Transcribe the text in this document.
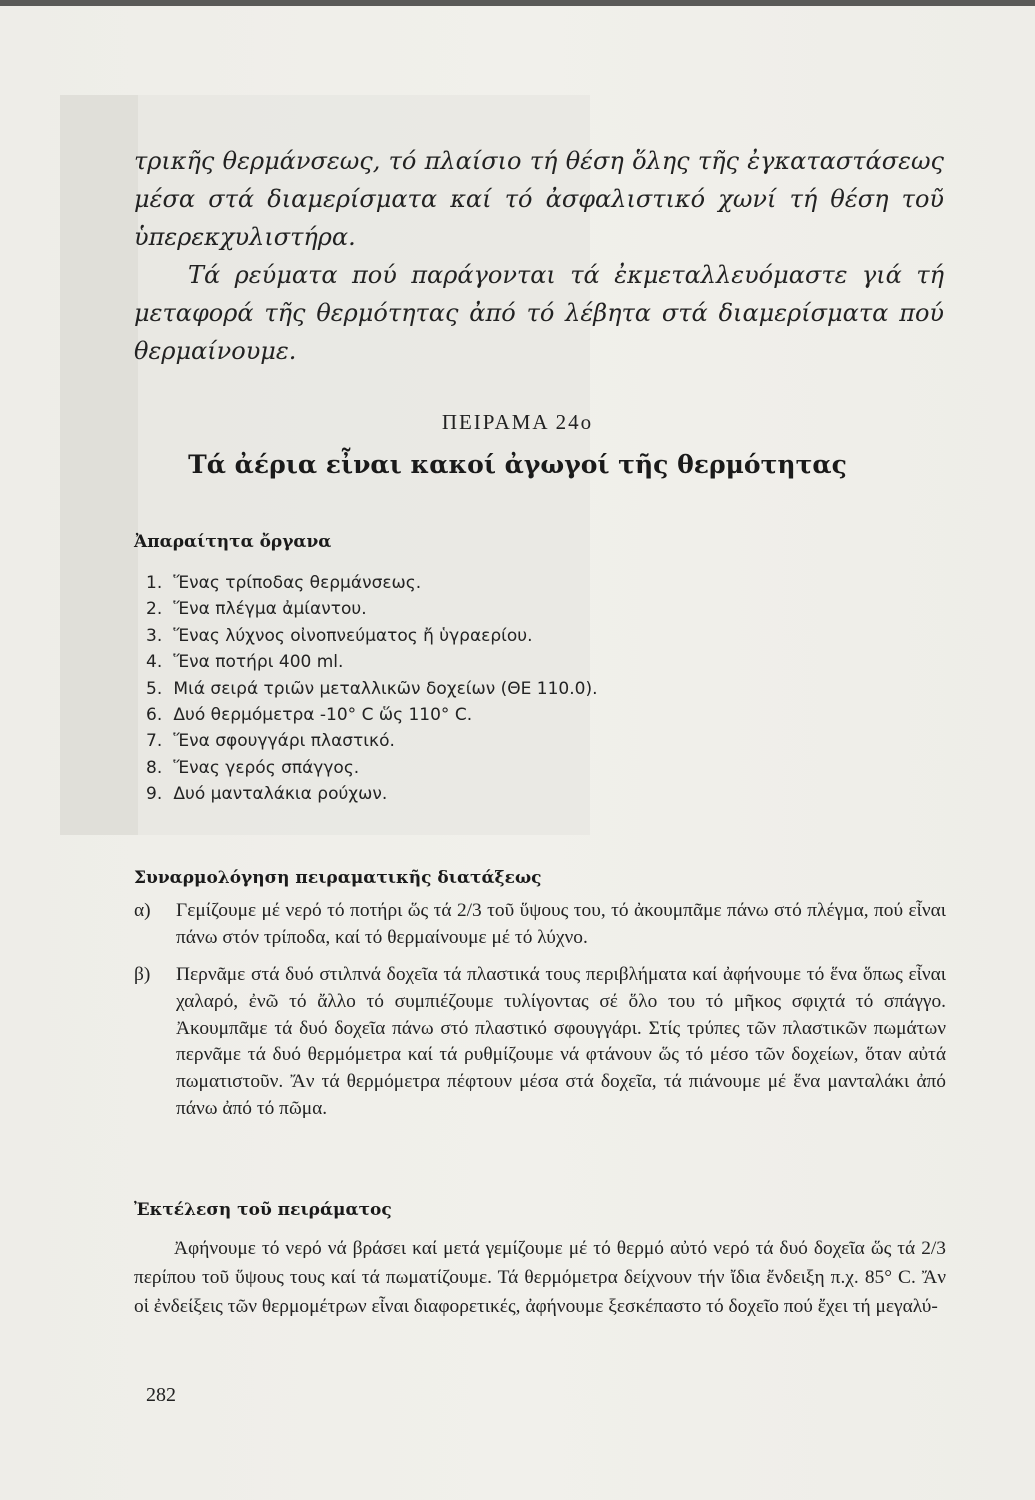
τρικῆς θερμάνσεως, τό πλαίσιο τή θέση ὅλης τῆς ἐγκαταστάσεως μέσα στά διαμερίσματα καί τό ἀσφαλιστικό χωνί τή θέση τοῦ ὑπερεκχυλιστήρα.

Τά ρεύματα πού παράγονται τά ἐκμεταλλευόμαστε γιά τή μεταφορά τῆς θερμότητας ἀπό τό λέβητα στά διαμερίσματα πού θερμαίνουμε.

ΠΕΙΡΑΜΑ 24ο
Τά ἀέρια εἶναι κακοί ἀγωγοί τῆς θερμότητας
Ἀπαραίτητα ὄργανα
1. Ἕνας τρίποδας θερμάνσεως.
2. Ἕνα πλέγμα ἀμίαντου.
3. Ἕνας λύχνος οἰνοπνεύματος ἤ ὑγραερίου.
4. Ἕνα ποτήρι 400 ml.
5. Μιά σειρά τριῶν μεταλλικῶν δοχείων (ΘΕ 110.0).
6. Δυό θερμόμετρα -10° C ὥς 110° C.
7. Ἕνα σφουγγάρι πλαστικό.
8. Ἕνας γερός σπάγγος.
9. Δυό μανταλάκια ρούχων.
Συναρμολόγηση πειραματικῆς διατάξεως
α) Γεμίζουμε μέ νερό τό ποτήρι ὥς τά 2/3 τοῦ ὕψους του, τό ἀκουμπᾶμε πάνω στό πλέγμα, πού εἶναι πάνω στόν τρίποδα, καί τό θερμαίνουμε μέ τό λύχνο.
β) Περνᾶμε στά δυό στιλπνά δοχεῖα τά πλαστικά τους περιβλήματα καί ἀφήνουμε τό ἕνα ὅπως εἶναι χαλαρό, ἐνῶ τό ἄλλο τό συμπιέζουμε τυλίγοντας σέ ὅλο του τό μῆκος σφιχτά τό σπάγγο. Ἀκουμπᾶμε τά δυό δοχεῖα πάνω στό πλαστικό σφουγγάρι. Στίς τρύπες τῶν πλαστικῶν πωμάτων περνᾶμε τά δυό θερμόμετρα καί τά ρυθμίζουμε νά φτάνουν ὥς τό μέσο τῶν δοχείων, ὅταν αὐτά πωματιστοῦν. Ἄν τά θερμόμετρα πέφτουν μέσα στά δοχεῖα, τά πιάνουμε μέ ἕνα μανταλάκι ἀπό πάνω ἀπό τό πῶμα.
Ἐκτέλεση τοῦ πειράματος

Ἀφήνουμε τό νερό νά βράσει καί μετά γεμίζουμε μέ τό θερμό αὐτό νερό τά δυό δοχεῖα ὥς τά 2/3 περίπου τοῦ ὕψους τους καί τά πωματίζουμε. Τά θερμόμετρα δείχνουν τήν ἴδια ἔνδειξη π.χ. 85° C. Ἄν οἱ ἐνδείξεις τῶν θερμομέτρων εἶναι διαφορετικές, ἀφήνουμε ξεσκέπαστο τό δοχεῖο πού ἔχει τή μεγαλύ-

282
